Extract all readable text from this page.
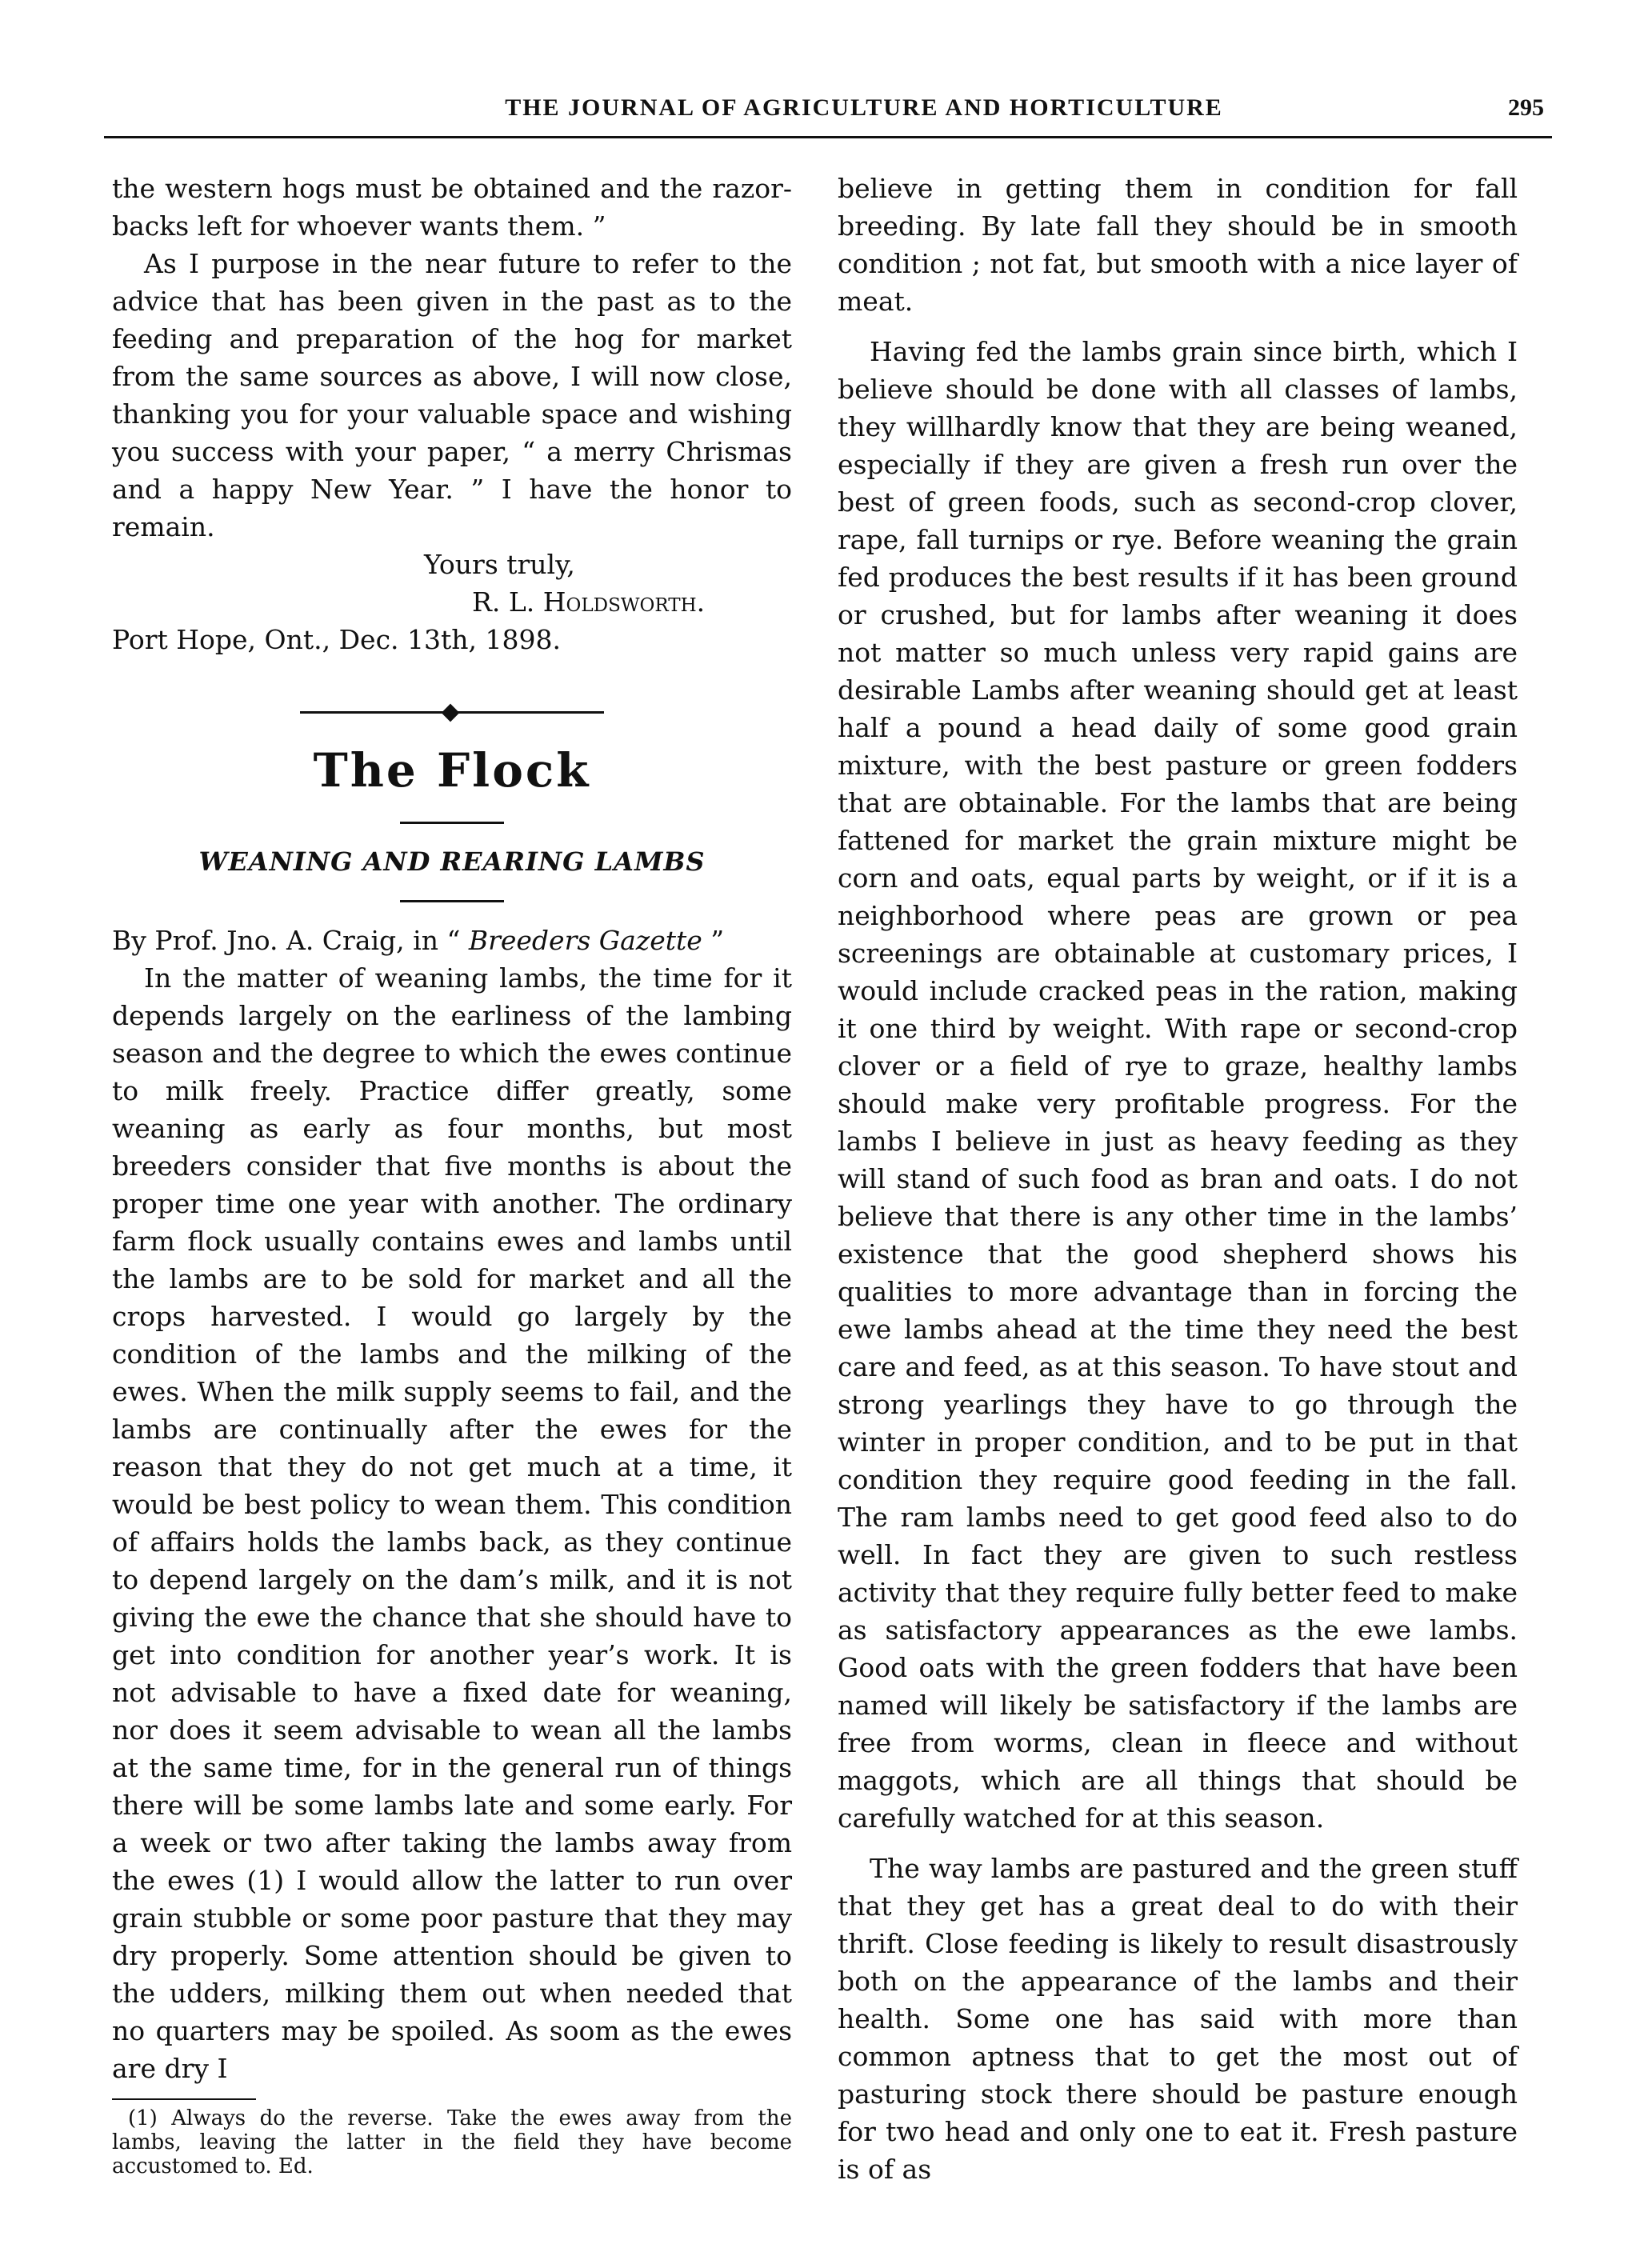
THE JOURNAL OF AGRICULTURE AND HORTICULTURE	295

the western hogs must be obtained and the razor-backs left for whoever wants them. ”

As I purpose in the near future to refer to the advice that has been given in the past as to the feeding and preparation of the hog for market from the same sources as above, I will now close, thanking you for your valuable space and wishing you success with your paper, “ a merry Chrismas and a happy New Year. ” I have the honor to remain.

Yours truly,

R. L. Holdsworth.

Port Hope, Ont., Dec. 13th, 1898.

The Flock

WEANING AND REARING LAMBS

By Prof. Jno. A. Craig, in “ Breeders Gazette ”

In the matter of weaning lambs, the time for it depends largely on the earliness of the lambing season and the degree to which the ewes continue to milk freely. Practice differ greatly, some weaning as early as four months, but most breeders consider that five months is about the proper time one year with another. The ordinary farm flock usually contains ewes and lambs until the lambs are to be sold for market and all the crops harvested. I would go largely by the condition of the lambs and the milking of the ewes. When the milk supply seems to fail, and the lambs are continually after the ewes for the reason that they do not get much at a time, it would be best policy to wean them. This condition of affairs holds the lambs back, as they continue to depend largely on the dam’s milk, and it is not giving the ewe the chance that she should have to get into condition for another year’s work. It is not advisable to have a fixed date for weaning, nor does it seem advisable to wean all the lambs at the same time, for in the general run of things there will be some lambs late and some early. For a week or two after taking the lambs away from the ewes (1) I would allow the latter to run over grain stubble or some poor pasture that they may dry properly. Some attention should be given to the udders, milking them out when needed that no quarters may be spoiled. As soom as the ewes are dry I

(1) Always do the reverse. Take the ewes away from the lambs, leaving the latter in the field they have become accustomed to. Ed.

believe in getting them in condition for fall breeding. By late fall they should be in smooth condition ; not fat, but smooth with a nice layer of meat.

Having fed the lambs grain since birth, which I believe should be done with all classes of lambs, they willhardly know that they are being weaned, especially if they are given a fresh run over the best of green foods, such as second-crop clover, rape, fall turnips or rye. Before weaning the grain fed produces the best results if it has been ground or crushed, but for lambs after weaning it does not matter so much unless very rapid gains are desirable Lambs after weaning should get at least half a pound a head daily of some good grain mixture, with the best pasture or green fodders that are obtainable. For the lambs that are being fattened for market the grain mixture might be corn and oats, equal parts by weight, or if it is a neighborhood where peas are grown or pea screenings are obtainable at customary prices, I would include cracked peas in the ration, making it one third by weight. With rape or second-crop clover or a field of rye to graze, healthy lambs should make very profitable progress. For the lambs I believe in just as heavy feeding as they will stand of such food as bran and oats. I do not believe that there is any other time in the lambs’ existence that the good shepherd shows his qualities to more advantage than in forcing the ewe lambs ahead at the time they need the best care and feed, as at this season. To have stout and strong yearlings they have to go through the winter in proper condition, and to be put in that condition they require good feeding in the fall. The ram lambs need to get good feed also to do well. In fact they are given to such restless activity that they require fully better feed to make as satisfactory appearances as the ewe lambs. Good oats with the green fodders that have been named will likely be satisfactory if the lambs are free from worms, clean in fleece and without maggots, which are all things that should be carefully watched for at this season.

The way lambs are pastured and the green stuff that they get has a great deal to do with their thrift. Close feeding is likely to result disastrously both on the appearance of the lambs and their health. Some one has said with more than common aptness that to get the most out of pasturing stock there should be pasture enough for two head and only one to eat it. Fresh pasture is of as
